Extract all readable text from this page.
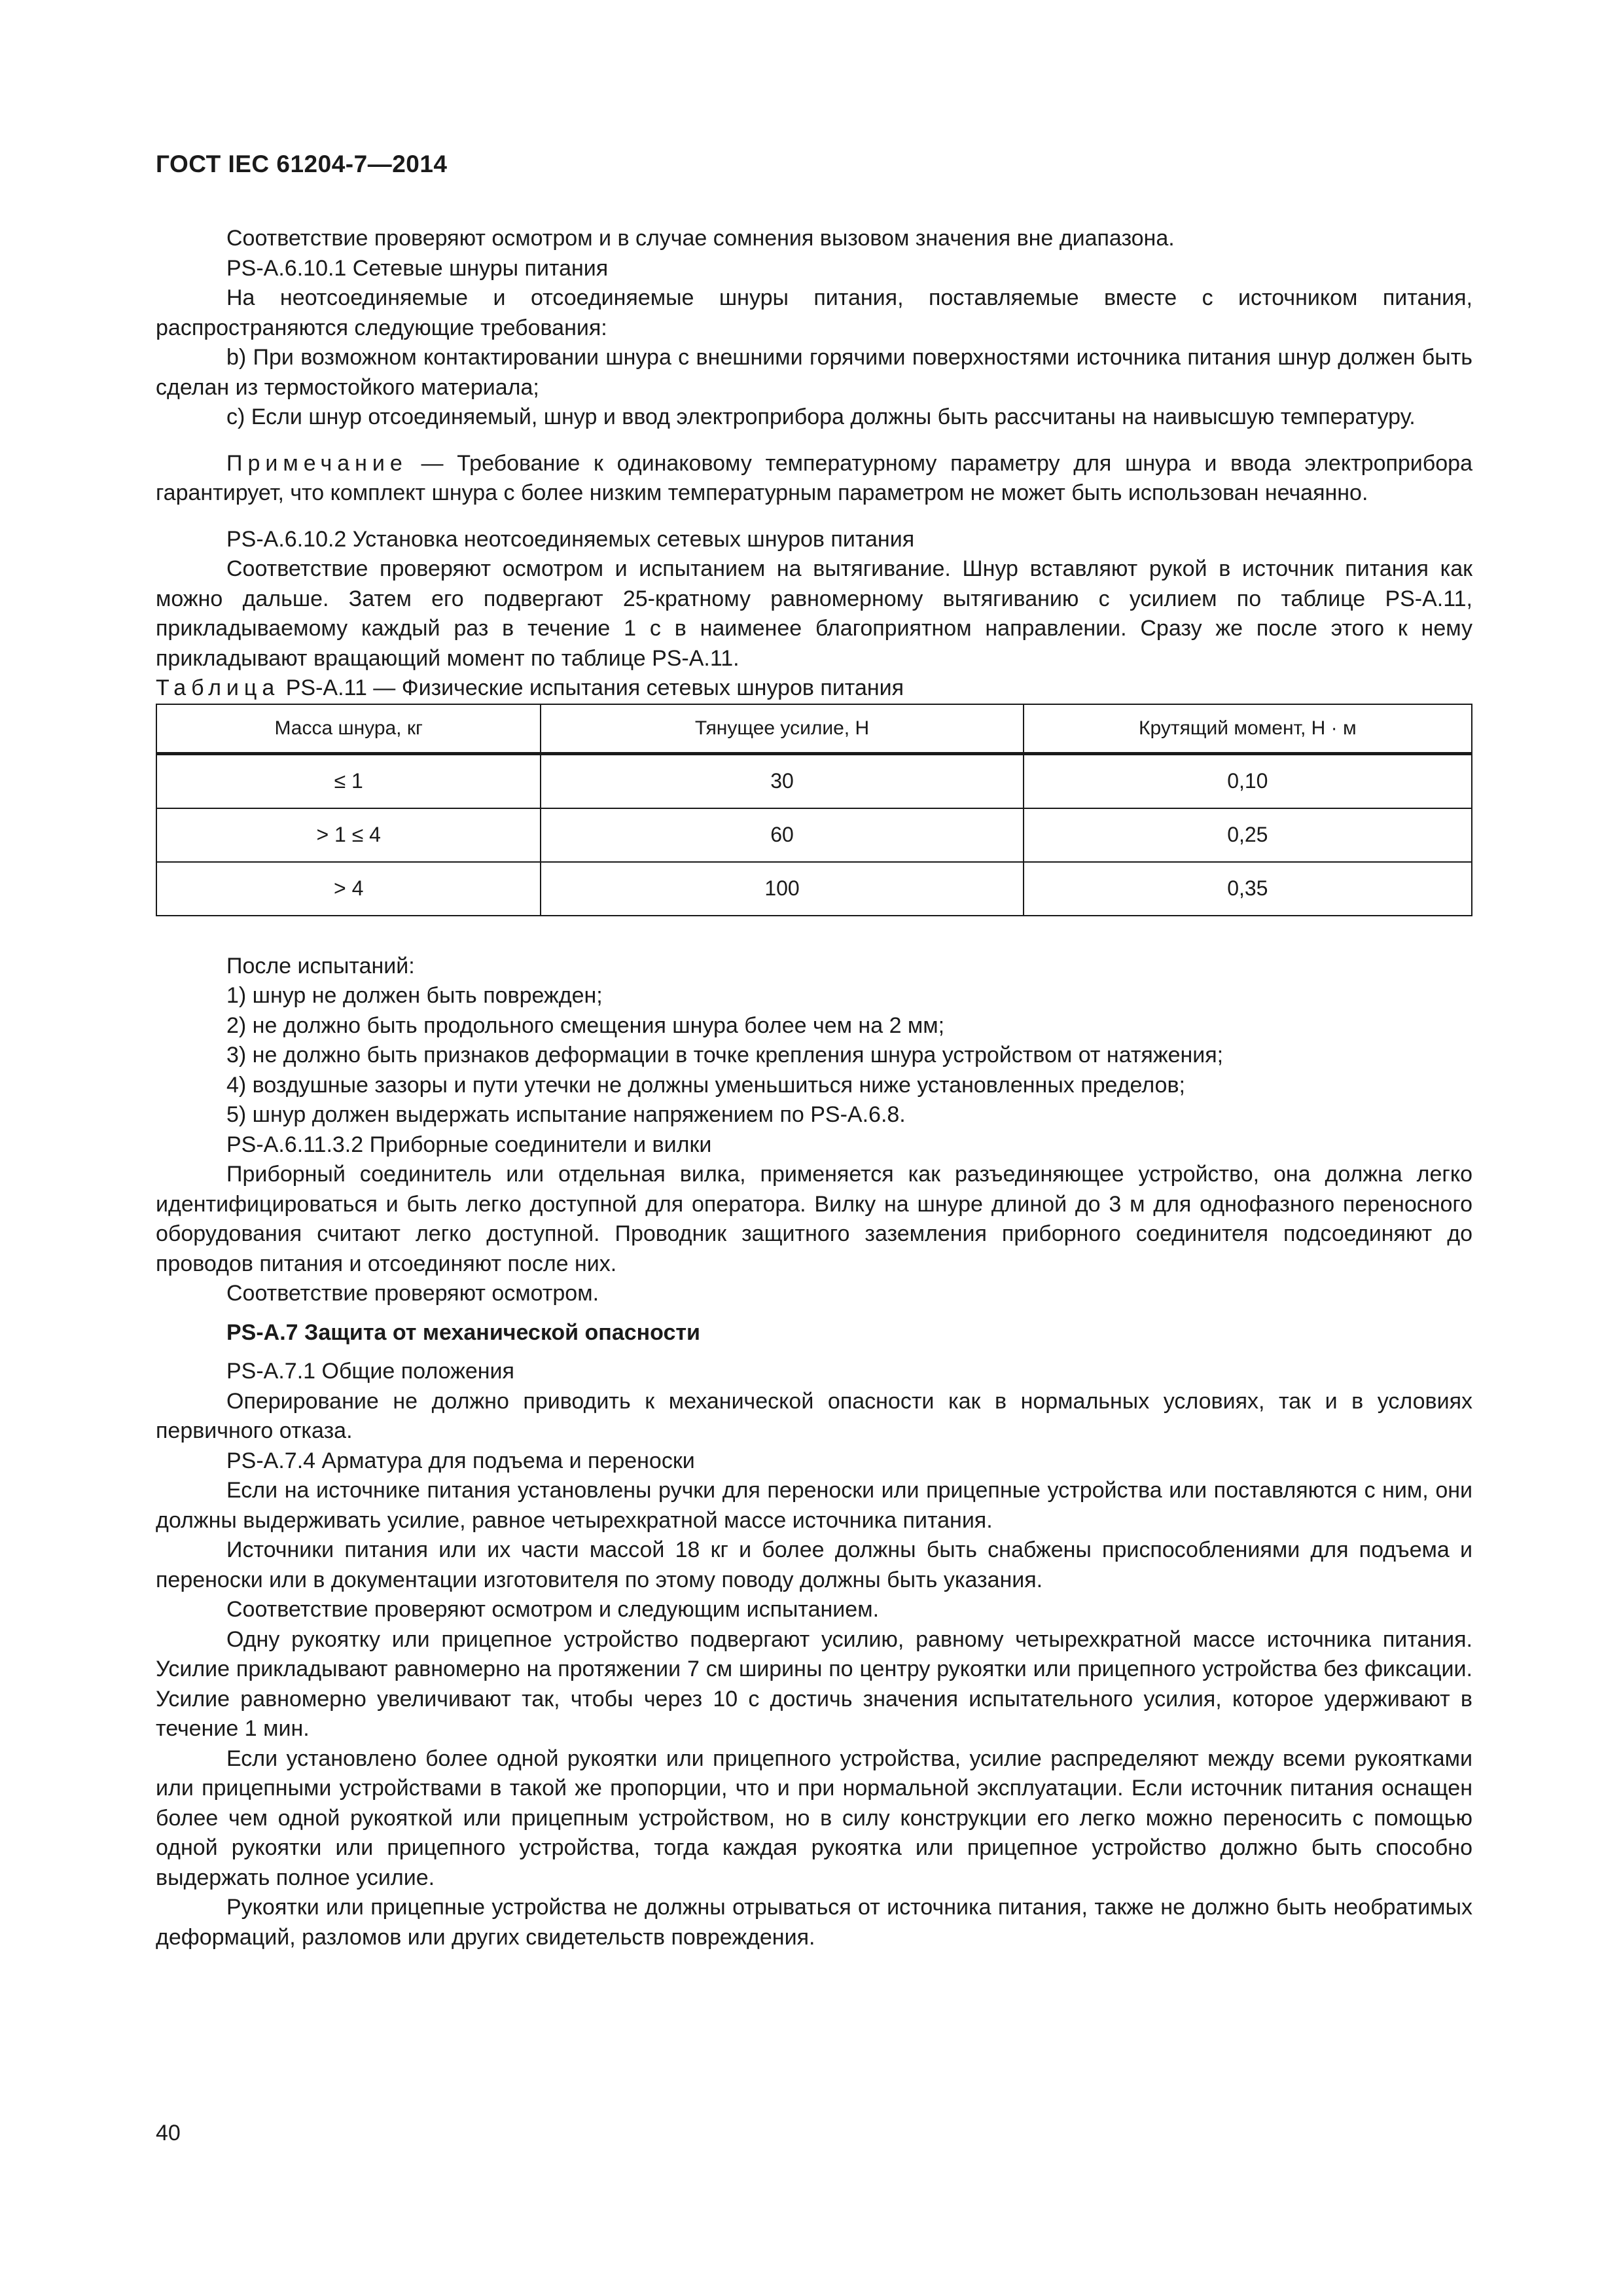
ГОСТ IEC 61204-7—2014

Соответствие проверяют осмотром и в случае сомнения вызовом значения вне диапазона.

PS-A.6.10.1 Сетевые шнуры питания

На неотсоединяемые и отсоединяемые шнуры питания, поставляемые вместе с источником питания, распространяются следующие требования:

b) При возможном контактировании шнура с внешними горячими поверхностями источника питания шнур должен быть сделан из термостойкого материала;

c) Если шнур отсоединяемый, шнур и ввод электроприбора должны быть рассчитаны на наивысшую температуру.

Примечание — Требование к одинаковому температурному параметру для шнура и ввода электроприбора гарантирует, что комплект шнура с более низким температурным параметром не может быть использован нечаянно.

PS-A.6.10.2 Установка неотсоединяемых сетевых шнуров питания

Соответствие проверяют осмотром и испытанием на вытягивание. Шнур вставляют рукой в источник питания как можно дальше. Затем его подвергают 25-кратному равномерному вытягиванию с усилием по таблице PS-A.11, прикладываемому каждый раз в течение 1 с в наименее благоприятном направлении. Сразу же после этого к нему прикладывают вращающий момент по таблице PS-A.11.

Таблица PS-A.11 — Физические испытания сетевых шнуров питания

Масса шнура, кг	Тянущее усилие, Н	Крутящий момент, Н · м
≤ 1	30	0,10
> 1 ≤ 4	60	0,25
> 4	100	0,35

После испытаний:

1) шнур не должен быть поврежден;

2) не должно быть продольного смещения шнура более чем на 2 мм;

3) не должно быть признаков деформации в точке крепления шнура устройством от натяжения;

4) воздушные зазоры и пути утечки не должны уменьшиться ниже установленных пределов;

5) шнур должен выдержать испытание напряжением по PS-A.6.8.

PS-A.6.11.3.2 Приборные соединители и вилки

Приборный соединитель или отдельная вилка, применяется как разъединяющее устройство, она должна легко идентифицироваться и быть легко доступной для оператора. Вилку на шнуре длиной до 3 м для однофазного переносного оборудования считают легко доступной. Проводник защитного заземления приборного соединителя подсоединяют до проводов питания и отсоединяют после них.

Соответствие проверяют осмотром.

PS-A.7 Защита от механической опасности

PS-A.7.1 Общие положения

Оперирование не должно приводить к механической опасности как в нормальных условиях, так и в условиях первичного отказа.

PS-A.7.4 Арматура для подъема и переноски

Если на источнике питания установлены ручки для переноски или прицепные устройства или поставляются с ним, они должны выдерживать усилие, равное четырехкратной массе источника питания.

Источники питания или их части массой 18 кг и более должны быть снабжены приспособлениями для подъема и переноски или в документации изготовителя по этому поводу должны быть указания.

Соответствие проверяют осмотром и следующим испытанием.

Одну рукоятку или прицепное устройство подвергают усилию, равному четырехкратной массе источника питания. Усилие прикладывают равномерно на протяжении 7 см ширины по центру рукоятки или прицепного устройства без фиксации. Усилие равномерно увеличивают так, чтобы через 10 с достичь значения испытательного усилия, которое удерживают в течение 1 мин.

Если установлено более одной рукоятки или прицепного устройства, усилие распределяют между всеми рукоятками или прицепными устройствами в такой же пропорции, что и при нормальной эксплуатации. Если источник питания оснащен более чем одной рукояткой или прицепным устройством, но в силу конструкции его легко можно переносить с помощью одной рукоятки или прицепного устройства, тогда каждая рукоятка или прицепное устройство должно быть способно выдержать полное усилие.

Рукоятки или прицепные устройства не должны отрываться от источника питания, также не должно быть необратимых деформаций, разломов или других свидетельств повреждения.

40
